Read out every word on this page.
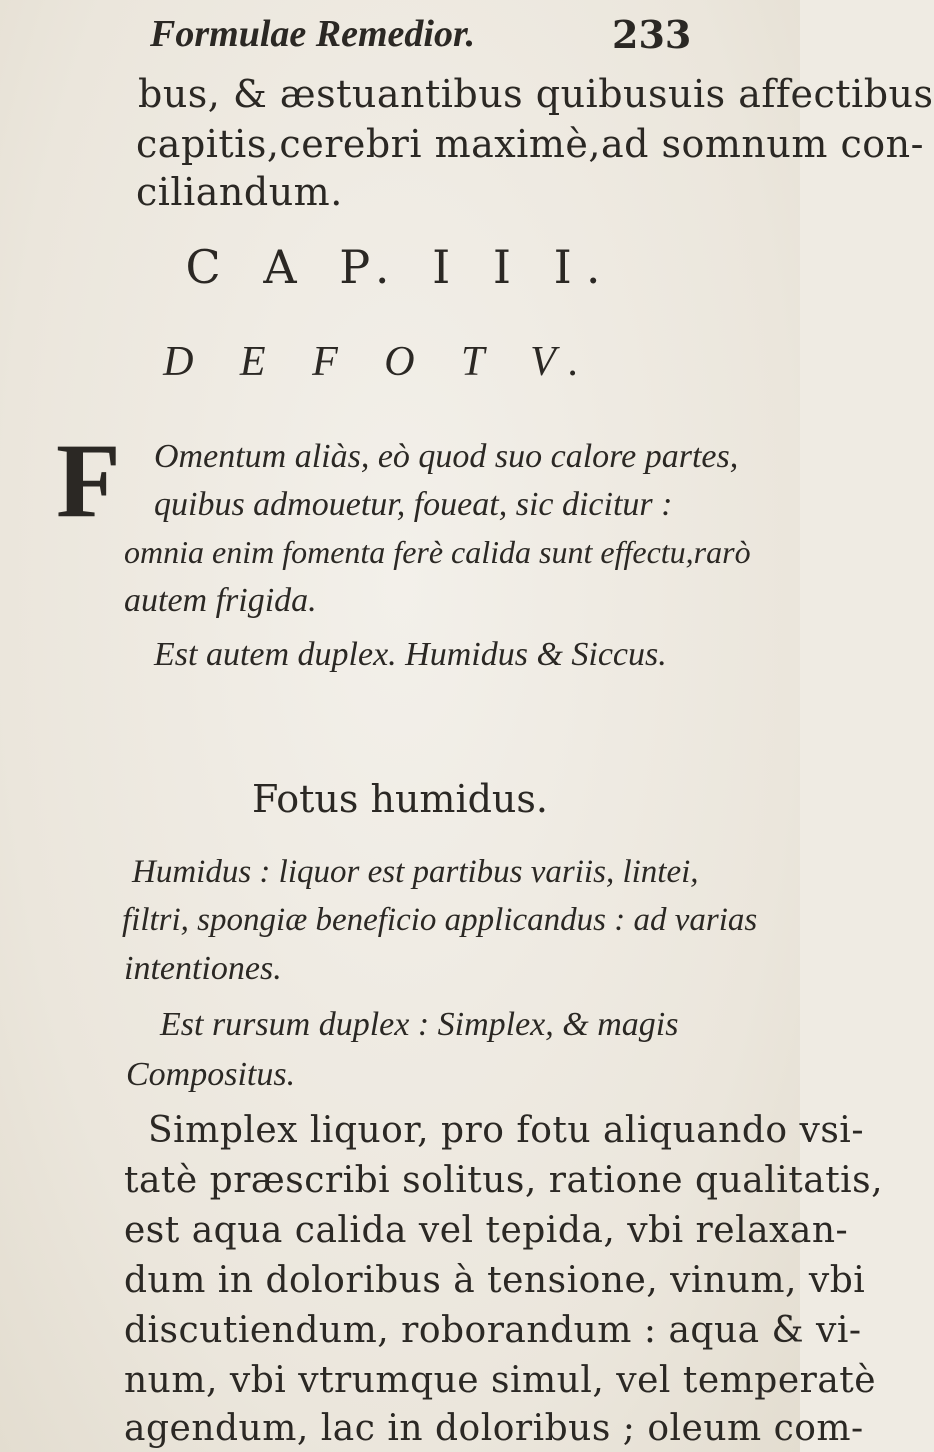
Formulae Remedior.	233
bus, & æstuantibus quibusuis affectibus
capitis,cerebri maximè,ad somnum con-
ciliandum.
C A P. I I I.
D E F O T V.
F Omentum aliàs, eò quod suo calore partes,
quibus admouetur, foueat, sic dicitur :
omnia enim fomenta ferè calida sunt effectu,rarò
autem frigida.
Est autem duplex. Humidus & Siccus.
Fotus humidus.
Humidus : liquor est partibus variis, lintei,
filtri, spongiæ beneficio applicandus : ad varias
intentiones.
Est rursum duplex : Simplex, & magis
Compositus.
Simplex liquor, pro fotu aliquando vsi-
tatè præscribi solitus, ratione qualitatis,
est aqua calida vel tepida, vbi relaxan-
dum in doloribus à tensione, vinum, vbi
discutiendum, roborandum : aqua & vi-
num, vbi vtrumque simul, vel temperatè
agendum, lac in doloribus ; oleum com-
